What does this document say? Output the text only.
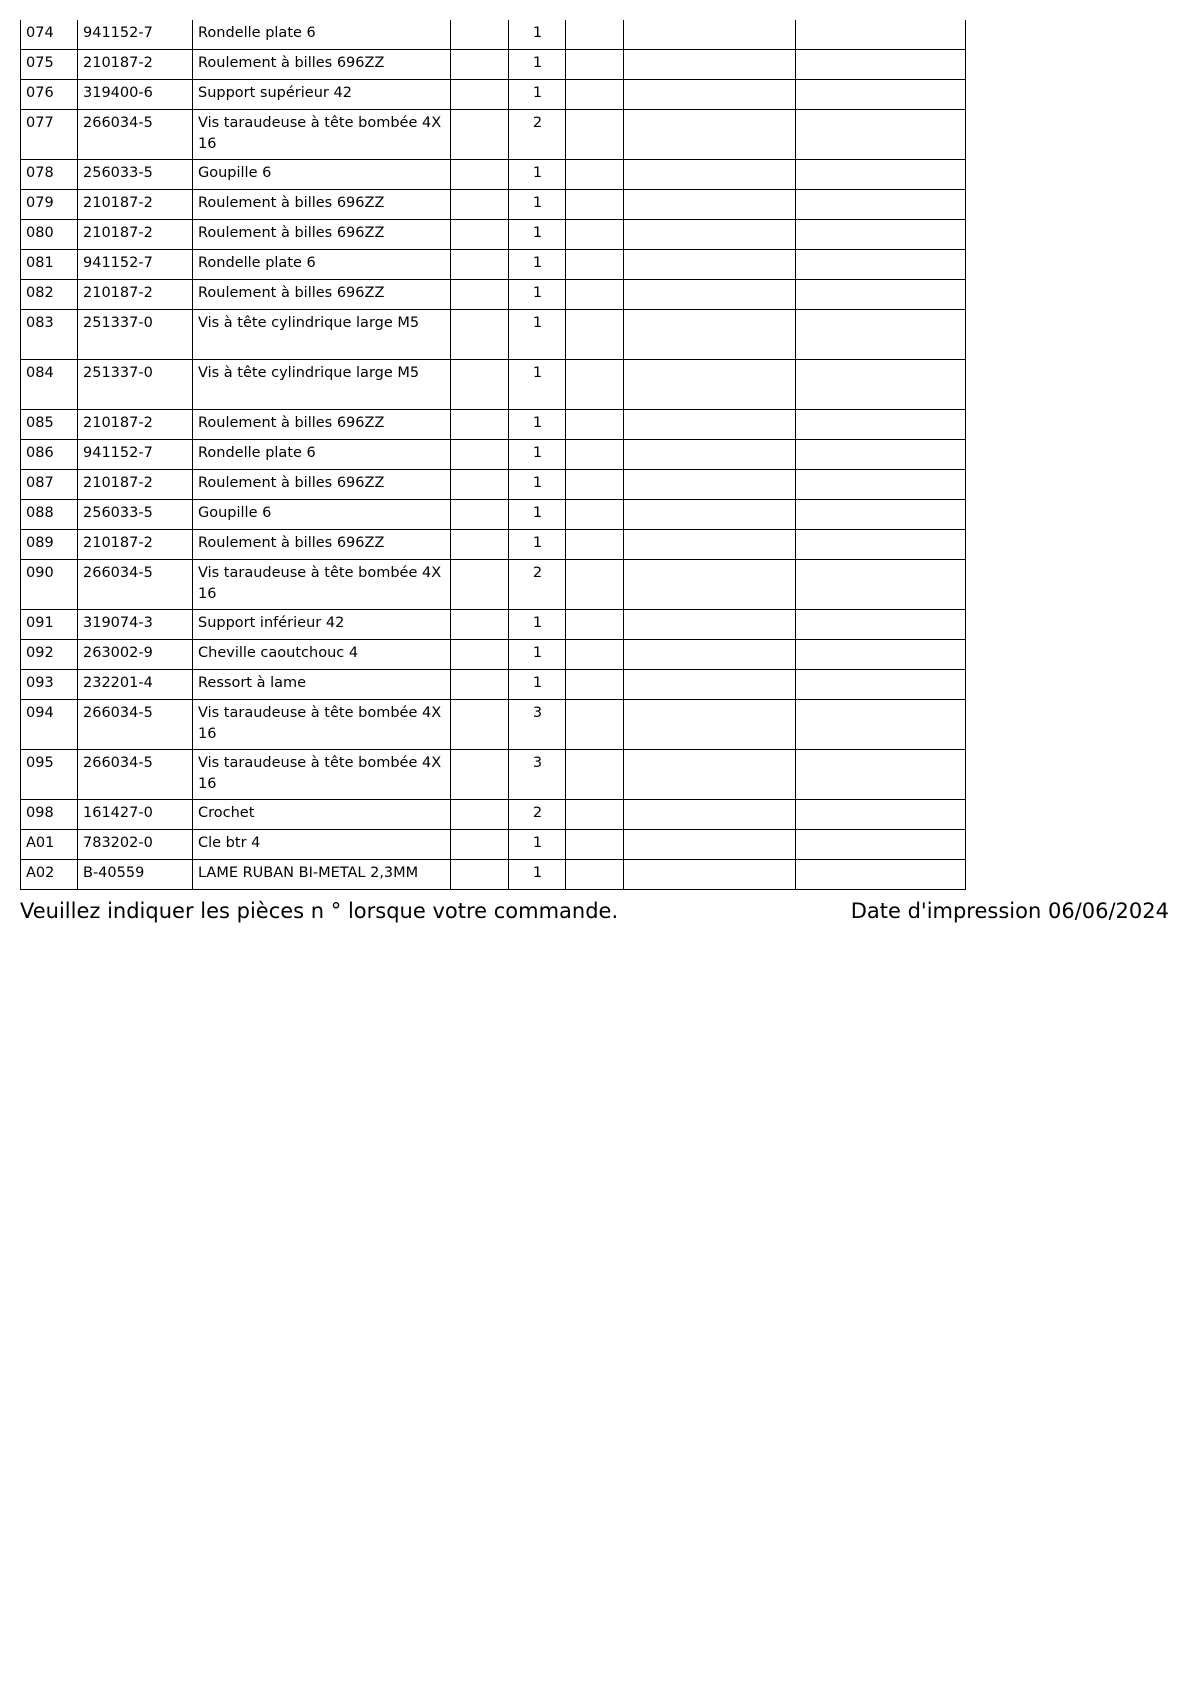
074	941152-7	Rondelle plate 6		1			
075	210187-2	Roulement à billes 696ZZ		1			
076	319400-6	Support supérieur 42		1			
077	266034-5	Vis taraudeuse à tête bombée 4X 16		2			
078	256033-5	Goupille 6		1			
079	210187-2	Roulement à billes 696ZZ		1			
080	210187-2	Roulement à billes 696ZZ		1			
081	941152-7	Rondelle plate 6		1			
082	210187-2	Roulement à billes 696ZZ		1			
083	251337-0	Vis à tête cylindrique large M5		1			
084	251337-0	Vis à tête cylindrique large M5		1			
085	210187-2	Roulement à billes 696ZZ		1			
086	941152-7	Rondelle plate 6		1			
087	210187-2	Roulement à billes 696ZZ		1			
088	256033-5	Goupille 6		1			
089	210187-2	Roulement à billes 696ZZ		1			
090	266034-5	Vis taraudeuse à tête bombée 4X 16		2			
091	319074-3	Support inférieur 42		1			
092	263002-9	Cheville caoutchouc 4		1			
093	232201-4	Ressort à lame		1			
094	266034-5	Vis taraudeuse à tête bombée 4X 16		3			
095	266034-5	Vis taraudeuse à tête bombée 4X 16		3			
098	161427-0	Crochet		2			
A01	783202-0	Cle btr 4		1			
A02	B-40559	LAME RUBAN BI-METAL 2,3MM		1			
Veuillez indiquer les pièces n ° lorsque votre commande.	Date d'impression 06/06/2024
